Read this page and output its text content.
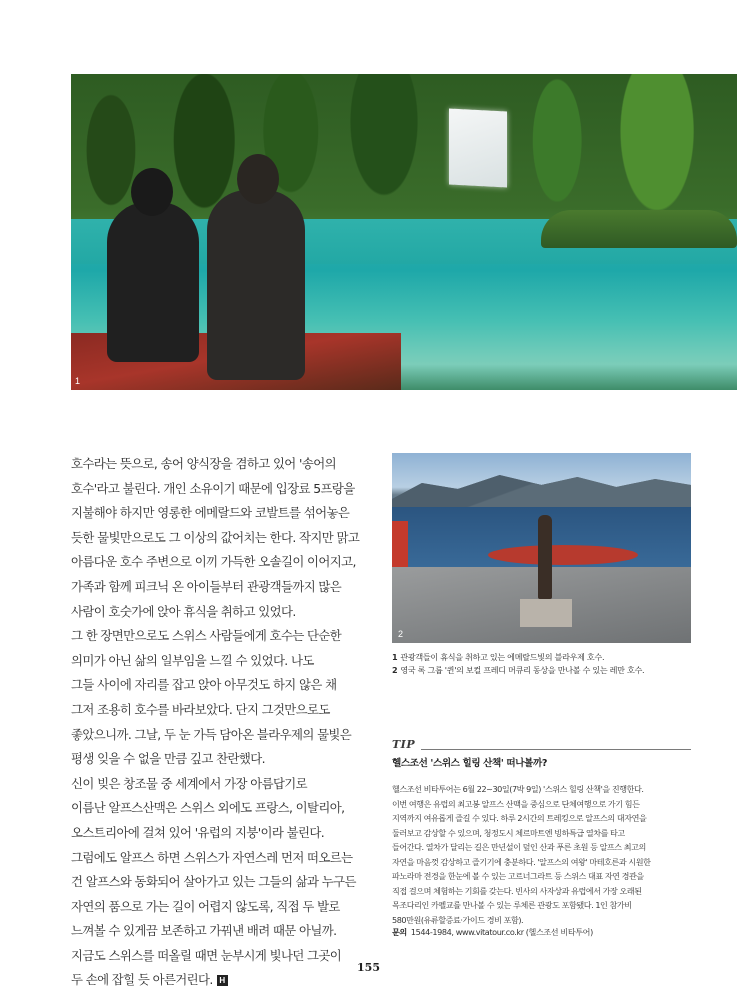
1

호수라는 뜻으로, 송어 양식장을 겸하고 있어 '송어의

호수'라고 불린다. 개인 소유이기 때문에 입장료 5프랑을

지불해야 하지만 영롱한 에메랄드와 코발트를 섞어놓은

듯한 물빛만으로도 그 이상의 값어치는 한다. 작지만 맑고

아름다운 호수 주변으로 이끼 가득한 오솔길이 이어지고,

가족과 함께 피크닉 온 아이들부터 관광객들까지 많은

사람이 호숫가에 앉아 휴식을 취하고 있었다.

그 한 장면만으로도 스위스 사람들에게 호수는 단순한

의미가 아닌 삶의 일부임을 느낄 수 있었다. 나도

그들 사이에 자리를 잡고 앉아 아무것도 하지 않은 채

그저 조용히 호수를 바라보았다. 단지 그것만으로도

좋았으니까. 그날, 두 눈 가득 담아온 블라우제의 물빛은

평생 잊을 수 없을 만큼 깊고 찬란했다.

신이 빚은 창조물 중 세계에서 가장 아름답기로

이름난 알프스산맥은 스위스 외에도 프랑스, 이탈리아,

오스트리아에 걸쳐 있어 '유럽의 지붕'이라 불린다.

그럼에도 알프스 하면 스위스가 자연스레 먼저 떠오르는

건 알프스와 동화되어 살아가고 있는 그들의 삶과 누구든

자연의 품으로 가는 길이 어렵지 않도록, 직접 두 발로

느껴볼 수 있게끔 보존하고 가꿔낸 배려 때문 아닐까.

지금도 스위스를 떠올릴 때면 눈부시게 빛나던 그곳이

두 손에 잡힐 듯 아른거린다. H

2

1 관광객들이 휴식을 취하고 있는 에메랄드빛의 블라우제 호수.

2 영국 록 그룹 '퀸'의 보컬 프레디 머큐리 동상을 만나볼 수 있는 레만 호수.

TIP
헬스조선 '스위스 힐링 산책' 떠나볼까?

헬스조선 비타투어는 6월 22~30일(7박 9일) '스위스 힐링 산책'을 진행한다.

이번 여행은 유럽의 최고봉 알프스 산맥을 중심으로 단체여행으로 가기 힘든

지역까지 여유롭게 즐길 수 있다. 하루 2시간의 트레킹으로 알프스의 대자연을

둘러보고 감상할 수 있으며, 청정도시 체르마트엔 빙하특급 열차를 타고

들어간다. 열차가 달리는 길은 만년설이 덮인 산과 푸른 초원 등 알프스 최고의

자연을 마음껏 감상하고 즐기기에 충분하다. '알프스의 여왕' 마테호른과 시원한

파노라마 전경을 한눈에 볼 수 있는 고르너그라트 등 스위스 대표 자연 경관을

직접 걸으며 체험하는 기회를 갖는다. 빈사의 사자상과 유럽에서 가장 오래된

목조다리인 카펠교를 만나볼 수 있는 루체른 관광도 포함됐다. 1인 참가비

580만원(유류할증료·가이드 경비 포함).

문의 1544-1984, www.vitatour.co.kr (헬스조선 비타투어)
155
